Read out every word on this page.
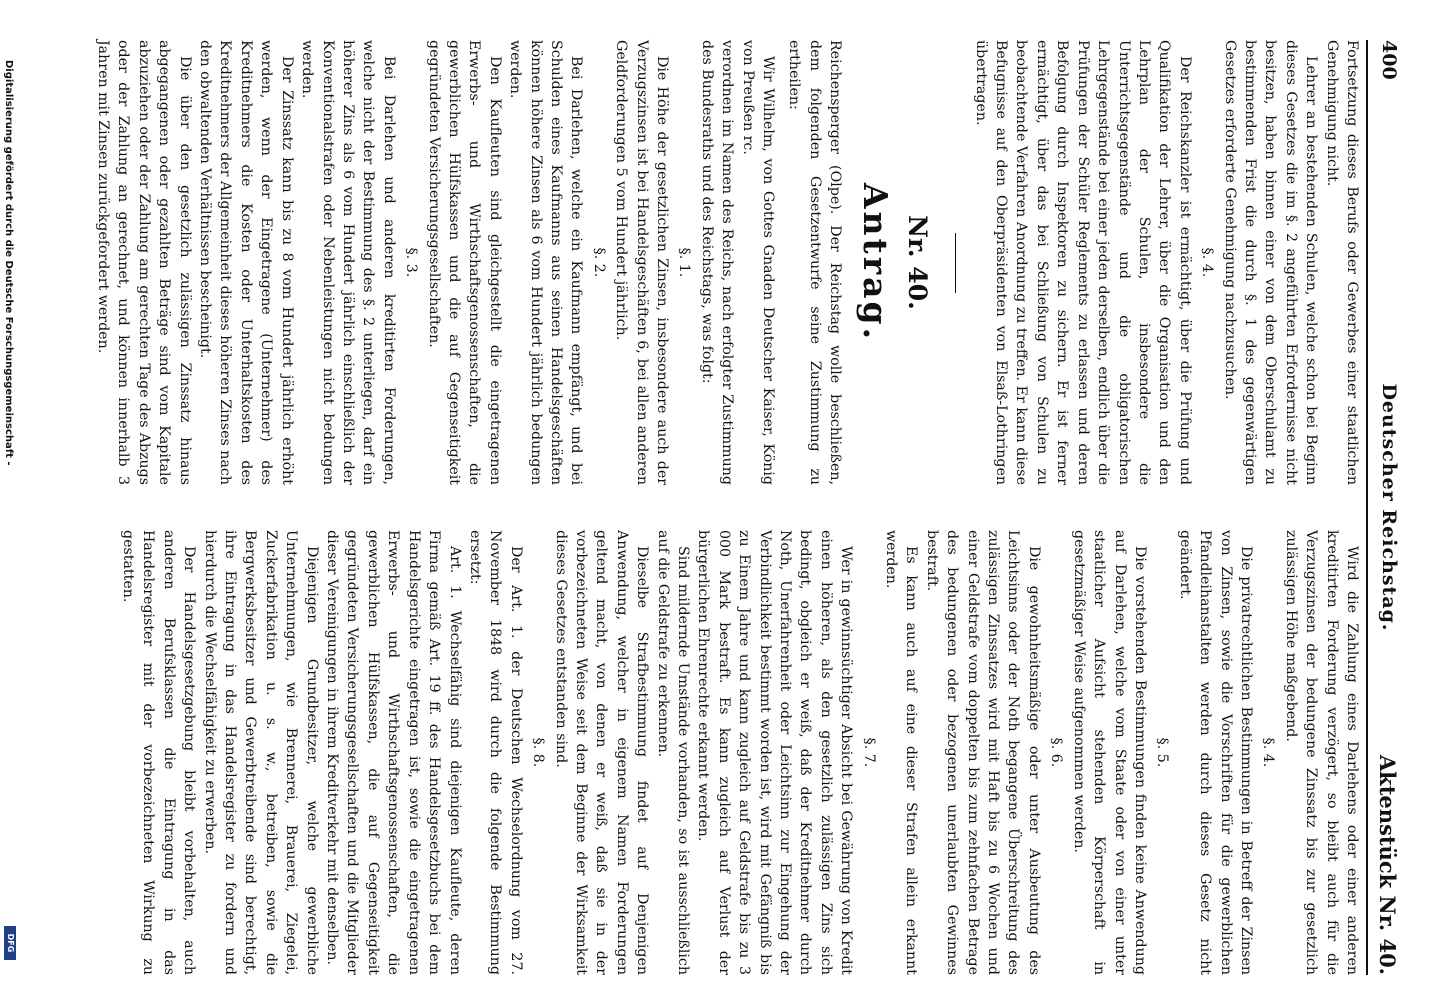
400
Deutscher Reichstag.
Aktenstück Nr. 40.

Fortsetzung dieses Berufs oder Gewerbes einer staatlichen Genehmigung nicht.

Lehrer an bestehenden Schulen, welche schon bei Beginn dieses Gesetzes die im §. 2 angeführten Erfordernisse nicht besitzen, haben binnen einer von dem Oberschulamt zu bestimmenden Frist die durch §. 1 des gegenwärtigen Gesetzes erforderte Genehmigung nachzusuchen.

§. 4.

Der Reichskanzler ist ermächtigt, über die Prüfung und Qualifikation der Lehrer, über die Organisation und den Lehrplan der Schulen, insbesondere die Unterrichtsgegenstände und die obligatorischen Lehrgegenstände bei einer jeden derselben, endlich über die Prüfungen der Schüler Reglements zu erlassen und deren Befolgung durch Inspektoren zu sichern. Er ist ferner ermächtigt, über das bei Schließung von Schulen zu beobachtende Verfahren Anordnung zu treffen. Er kann diese Befugnisse auf den Oberpräsidenten von Elsaß-Lothringen übertragen.

Nr. 40.
Antrag.

Reichensperger (Olpe). Der Reichstag wolle beschließen, dem folgenden Gesetzentwurfe seine Zustimmung zu ertheilen:

Wir Wilhelm, von Gottes Gnaden Deutscher Kaiser, König von Preußen rc.

verordnen im Namen des Reichs, nach erfolgter Zustimmung des Bundesraths und des Reichstags, was folgt:

§. 1.

Die Höhe der gesetzlichen Zinsen, insbesondere auch der Verzugszinsen ist bei Handelsgeschäften 6, bei allen anderen Geldforderungen 5 vom Hundert jährlich.

§. 2.

Bei Darlehen, welche ein Kaufmann empfängt, und bei Schulden eines Kaufmanns aus seinen Handelsgeschäften können höhere Zinsen als 6 vom Hundert jährlich bedungen werden.

Den Kaufleuten sind gleichgestellt die eingetragenen Erwerbs- und Wirthschaftsgenossenschaften, die gewerblichen Hülfskassen und die auf Gegenseitigkeit gegründeten Versicherungsgesellschaften.

§. 3.

Bei Darlehen und anderen kreditirten Forderungen, welche nicht der Bestimmung des §. 2 unterliegen, darf ein höherer Zins als 6 vom Hundert jährlich einschließlich der Konventionalstrafen oder Nebenleistungen nicht bedungen werden.

Der Zinssatz kann bis zu 8 vom Hundert jährlich erhöht werden, wenn der Eingetragene (Unternehmer) des Kreditnehmers die Kosten oder Unterhaltskosten des Kreditnehmers der Allgemeinheit dieses höheren Zinses nach den obwaltenden Verhältnissen bescheinigt.

Die über den gesetzlich zulässigen Zinssatz hinaus abgegangenen oder gezahlten Beträge sind vom Kapitale abzuziehen oder der Zahlung am gerechten Tage des Abzugs oder der Zahlung an gerechnet, und können innerhalb 3 Jahren mit Zinsen zurückgefordert werden.

Wird die Zahlung eines Darlehens oder einer anderen kreditirten Forderung verzögert, so bleibt auch für die Verzugszinsen der bedungene Zinssatz bis zur gesetzlich zulässigen Höhe maßgebend.

§. 4.

Die privatrechtlichen Bestimmungen in Betreff der Zinsen von Zinsen, sowie die Vorschriften für die gewerblichen Pfandleihanstalten werden durch dieses Gesetz nicht geändert.

§. 5.

Die vorstehenden Bestimmungen finden keine Anwendung auf Darlehen, welche vom Staate oder von einer unter staatlicher Aufsicht stehenden Körperschaft in gesetzmäßiger Weise aufgenommen werden.

§. 6.

Die gewohnheitsmäßige oder unter Ausbeutung des Leichtsinns oder der Noth begangene Überschreitung des zulässigen Zinssatzes wird mit Haft bis zu 6 Wochen und einer Geldstrafe vom doppelten bis zum zehnfachen Betrage des bedungenen oder bezogenen unerlaubten Gewinnes bestraft.

Es kann auch auf eine dieser Strafen allein erkannt werden.

§. 7.

Wer in gewinnsüchtiger Absicht bei Gewährung von Kredit einen höheren, als den gesetzlich zulässigen Zins sich bedingt, obgleich er weiß, daß der Kreditnehmer durch Noth, Unerfahrenheit oder Leichtsinn zur Eingehung der Verbindlichkeit bestimmt worden ist, wird mit Gefängniß bis zu Einem Jahre und kann zugleich auf Geldstrafe bis zu 3 000 Mark bestraft. Es kann zugleich auf Verlust der bürgerlichen Ehrenrechte erkannt werden.

Sind mildernde Umstände vorhanden, so ist ausschließlich auf die Geldstrafe zu erkennen.

Dieselbe Strafbestimmung findet auf Denjenigen Anwendung, welcher in eigenem Namen Forderungen geltend macht, von denen er weiß, daß sie in der vorbezeichneten Weise seit dem Beginne der Wirksamkeit dieses Gesetzes entstanden sind.

§. 8.

Der Art. 1. der Deutschen Wechselordnung vom 27. November 1848 wird durch die folgende Bestimmung ersetzt:

Art. 1. Wechselfähig sind diejenigen Kaufleute, deren Firma gemäß Art. 19 ff. des Handelsgesetzbuchs bei dem Handelsgerichte eingetragen ist, sowie die eingetragenen Erwerbs- und Wirthschaftsgenossenschaften, die gewerblichen Hülfskassen, die auf Gegenseitigkeit gegründeten Versicherungsgesellschaften und die Mitglieder dieser Vereinigungen in ihrem Kreditverkehr mit denselben.

Diejenigen Grundbesitzer, welche gewerbliche Unternehmungen, wie Brennerei, Brauerei, Ziegelei, Zuckerfabrikation u. s. w., betreiben, sowie die Bergwerksbesitzer und Gewerbtreibende sind berechtigt, ihre Eintragung in das Handelsregister zu fordern und hierdurch die Wechselfähigkeit zu erwerben.

Der Handelsgesetzgebung bleibt vorbehalten, auch anderen Berufsklassen die Eintragung in das Handelsregister mit der vorbezeichneten Wirkung zu gestatten.

Digitalisierung gefördert durch die Deutsche Forschungsgemeinschaft -
DFG
